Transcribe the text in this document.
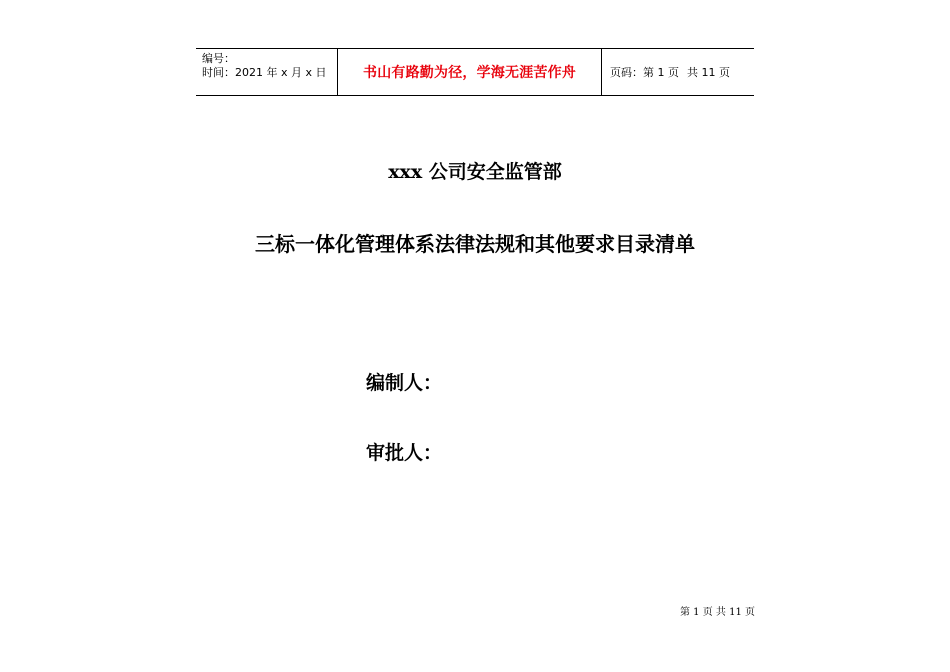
编号：
时间：2021 年 x 月 x 日	书山有路勤为径，学海无涯苦作舟	页码：第 1 页 共 11 页
xxx 公司安全监管部
三标一体化管理体系法律法规和其他要求目录清单
编制人：
审批人：
第 1 页 共 11 页
